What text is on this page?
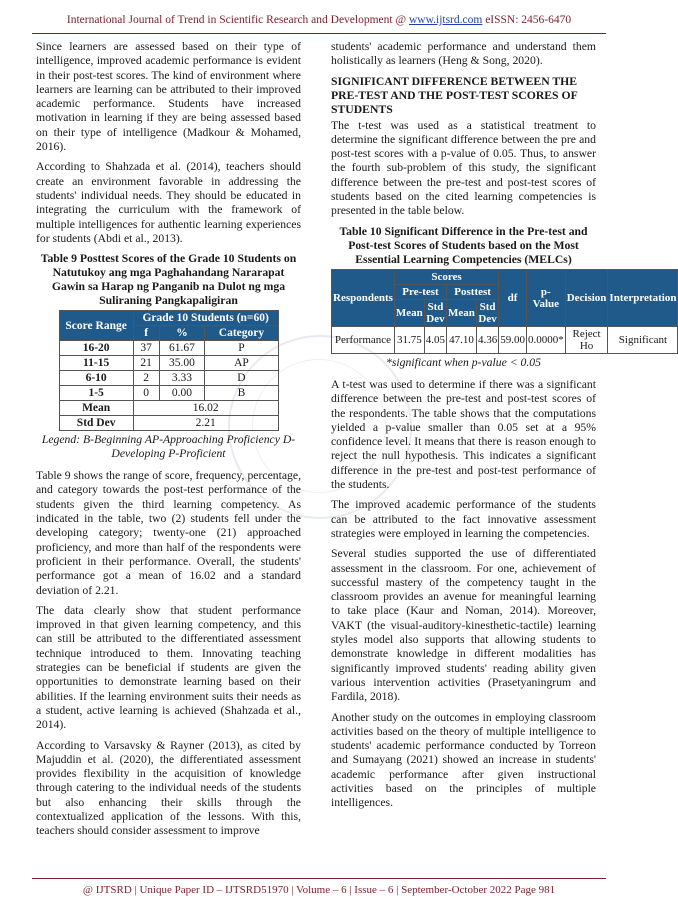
International Journal of Trend in Scientific Research and Development @ www.ijtsrd.com eISSN: 2456-6470

Since learners are assessed based on their type of intelligence, improved academic performance is evident in their post-test scores. The kind of environment where learners are learning can be attributed to their improved academic performance. Students have increased motivation in learning if they are being assessed based on their type of intelligence (Madkour & Mohamed, 2016).

According to Shahzada et al. (2014), teachers should create an environment favorable in addressing the students' individual needs. They should be educated in integrating the curriculum with the framework of multiple intelligences for authentic learning experiences for students (Abdi et al., 2013).

Table 9 Posttest Scores of the Grade 10 Students on Natutukoy ang mga Paghahandang Nararapat Gawin sa Harap ng Panganib na Dulot ng mga Suliraning Pangkapaligiran
Score Range	Grade 10 Students (n=60)		
	f	%	Category
16-20	37	61.67	P
11-15	21	35.00	AP
6-10	2	3.33	D
1-5	0	0.00	B
Mean	16.02		
Std Dev	2.21		
Legend: B-Beginning AP-Approaching Proficiency D-Developing P-Proficient

Table 9 shows the range of score, frequency, percentage, and category towards the post-test performance of the students given the third learning competency. As indicated in the table, two (2) students fell under the developing category; twenty-one (21) approached proficiency, and more than half of the respondents were proficient in their performance. Overall, the students' performance got a mean of 16.02 and a standard deviation of 2.21.

The data clearly show that student performance improved in that given learning competency, and this can still be attributed to the differentiated assessment technique introduced to them. Innovating teaching strategies can be beneficial if students are given the opportunities to demonstrate learning based on their abilities. If the learning environment suits their needs as a student, active learning is achieved (Shahzada et al., 2014).

According to Varsavsky & Rayner (2013), as cited by Majuddin et al. (2020), the differentiated assessment provides flexibility in the acquisition of knowledge through catering to the individual needs of the students but also enhancing their skills through the contextualized application of the lessons. With this, teachers should consider assessment to improve

students' academic performance and understand them holistically as learners (Heng & Song, 2020).

SIGNIFICANT DIFFERENCE BETWEEN THE PRE-TEST AND THE POST-TEST SCORES OF STUDENTS

The t-test was used as a statistical treatment to determine the significant difference between the pre and post-test scores with a p-value of 0.05. Thus, to answer the fourth sub-problem of this study, the significant difference between the pre-test and post-test scores of students based on the cited learning competencies is presented in the table below.

Table 10 Significant Difference in the Pre-test and Post-test Scores of Students based on the Most Essential Learning Competencies (MELCs)
Respondents	Scores				df	p-Value	Decision	Interpretation
	Pre-test		Posttest					
	Mean	Std Dev	Mean	Std Dev				
Performance	31.75	4.05	47.10	4.36	59.00	0.0000*	Reject Ho	Significant
*significant when p-value < 0.05

A t-test was used to determine if there was a significant difference between the pre-test and post-test scores of the respondents. The table shows that the computations yielded a p-value smaller than 0.05 set at a 95% confidence level. It means that there is reason enough to reject the null hypothesis. This indicates a significant difference in the pre-test and post-test performance of the students.

The improved academic performance of the students can be attributed to the fact innovative assessment strategies were employed in learning the competencies.

Several studies supported the use of differentiated assessment in the classroom. For one, achievement of successful mastery of the competency taught in the classroom provides an avenue for meaningful learning to take place (Kaur and Noman, 2014). Moreover, VAKT (the visual-auditory-kinesthetic-tactile) learning styles model also supports that allowing students to demonstrate knowledge in different modalities has significantly improved students' reading ability given various intervention activities (Prasetyaningrum and Fardila, 2018).

Another study on the outcomes in employing classroom activities based on the theory of multiple intelligence to students' academic performance conducted by Torreon and Sumayang (2021) showed an increase in students' academic performance after given instructional activities based on the principles of multiple intelligences.

@ IJTSRD | Unique Paper ID – IJTSRD51970 | Volume – 6 | Issue – 6 | September-October 2022 Page 981
